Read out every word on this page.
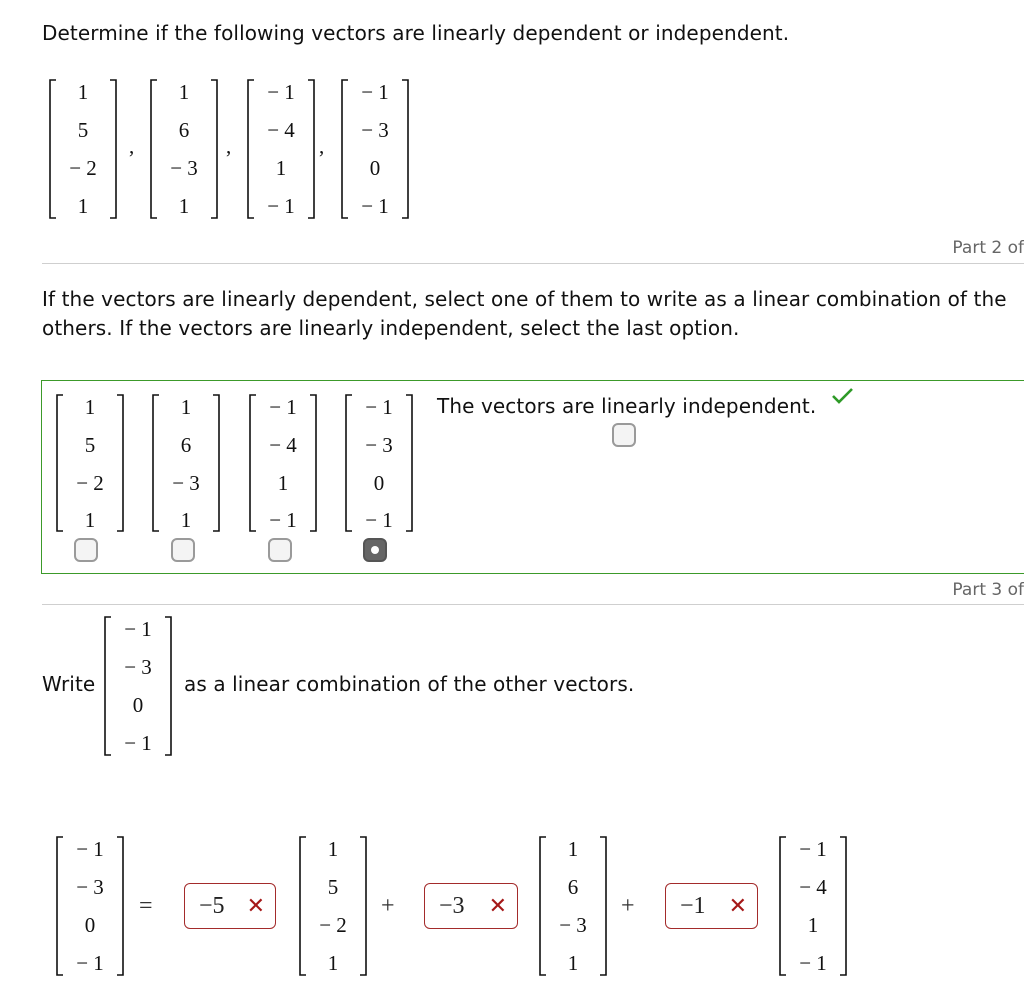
Determine if the following vectors are linearly dependent or independent.
1
5
− 2
1
,
1
6
− 3
1
,
− 1
− 4
1
− 1
,
− 1
− 3
0
− 1
Part 2 of
If the vectors are linearly dependent, select one of them to write as a linear combination of the
others. If the vectors are linearly independent, select the last option.
1
5
− 2
1
1
6
− 3
1
− 1
− 4
1
− 1
− 1
− 3
0
− 1
The vectors are linearly independent.
Part 3 of
Write
− 1
− 3
0
− 1
as a linear combination of the other vectors.
− 1
− 3
0
− 1
= −5 ✕
1
5
− 2
1
+ −3 ✕
1
6
− 3
1
+ −1 ✕
− 1
− 4
1
− 1
